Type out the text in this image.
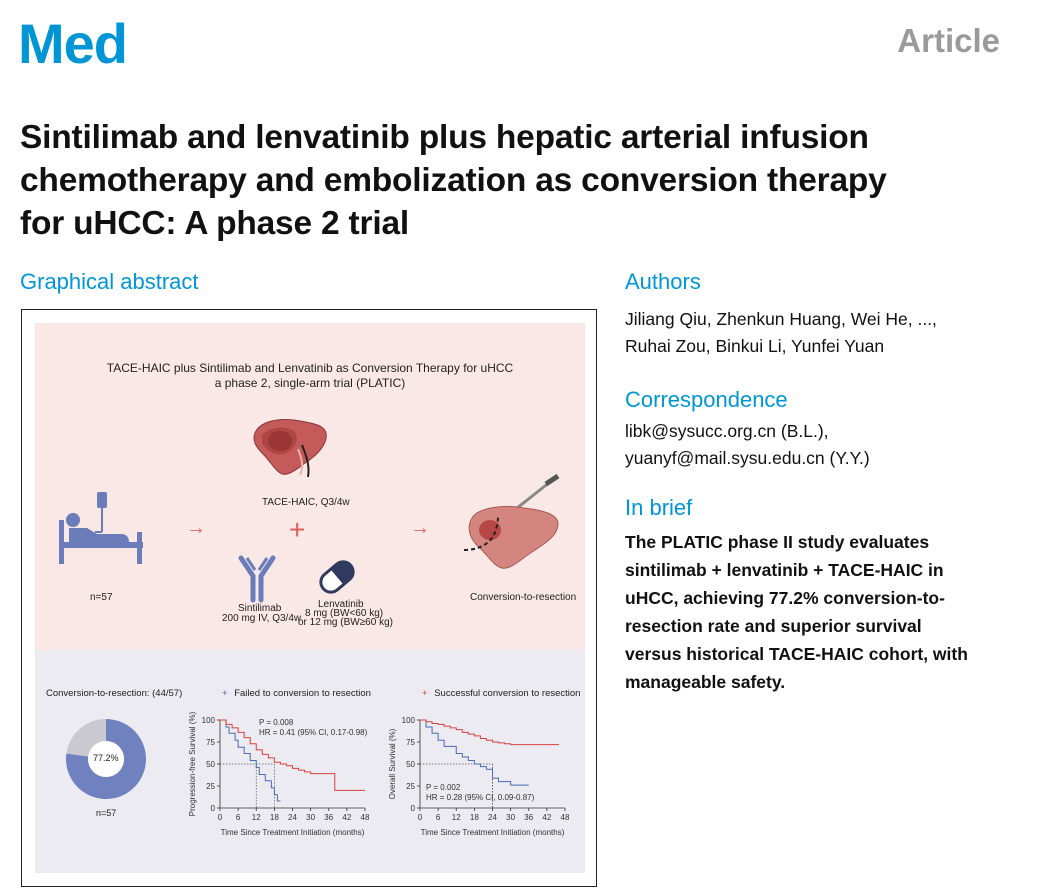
Med	Article
Sintilimab and lenvatinib plus hepatic arterial infusion
chemotherapy and embolization as conversion therapy
for uHCC: A phase 2 trial
Graphical abstract
TACE-HAIC plus Sintilimab and Lenvatinib as Conversion Therapy for uHCC
a phase 2, single-arm trial (PLATIC)
TACE-HAIC, Q3/4w
n=57
→	→
+
Sintilimab
200 mg IV, Q3/4w
Lenvatinib
8 mg (BW<60 kg)
or 12 mg (BW≥60 kg)
Conversion-to-resection
Conversion-to-resection: (44/57)
77.2%
n=57
+ Failed to conversion to resection	+ Successful conversion to resection
0
25
50
75
100
0 6 12 18 24 30 36 42 48
Progression-free Survival (%)
Time Since Treatment Initiation (months)
P = 0.008
HR = 0.41 (95% CI, 0.17-0.98)
0
25
50
75
100
0 6 12 18 24 30 36 42 48
Overall Survival (%)
Time Since Treatment Initiation (months)
P = 0.002
HR = 0.28 (95% CI, 0.09-0.87)
Authors
Jiliang Qiu, Zhenkun Huang, Wei He, ...,
Ruhai Zou, Binkui Li, Yunfei Yuan
Correspondence
libk@sysucc.org.cn (B.L.),
yuanyf@mail.sysu.edu.cn (Y.Y.)
In brief
The PLATIC phase II study evaluates
sintilimab + lenvatinib + TACE-HAIC in
uHCC, achieving 77.2% conversion-to-
resection rate and superior survival
versus historical TACE-HAIC cohort, with
manageable safety.
